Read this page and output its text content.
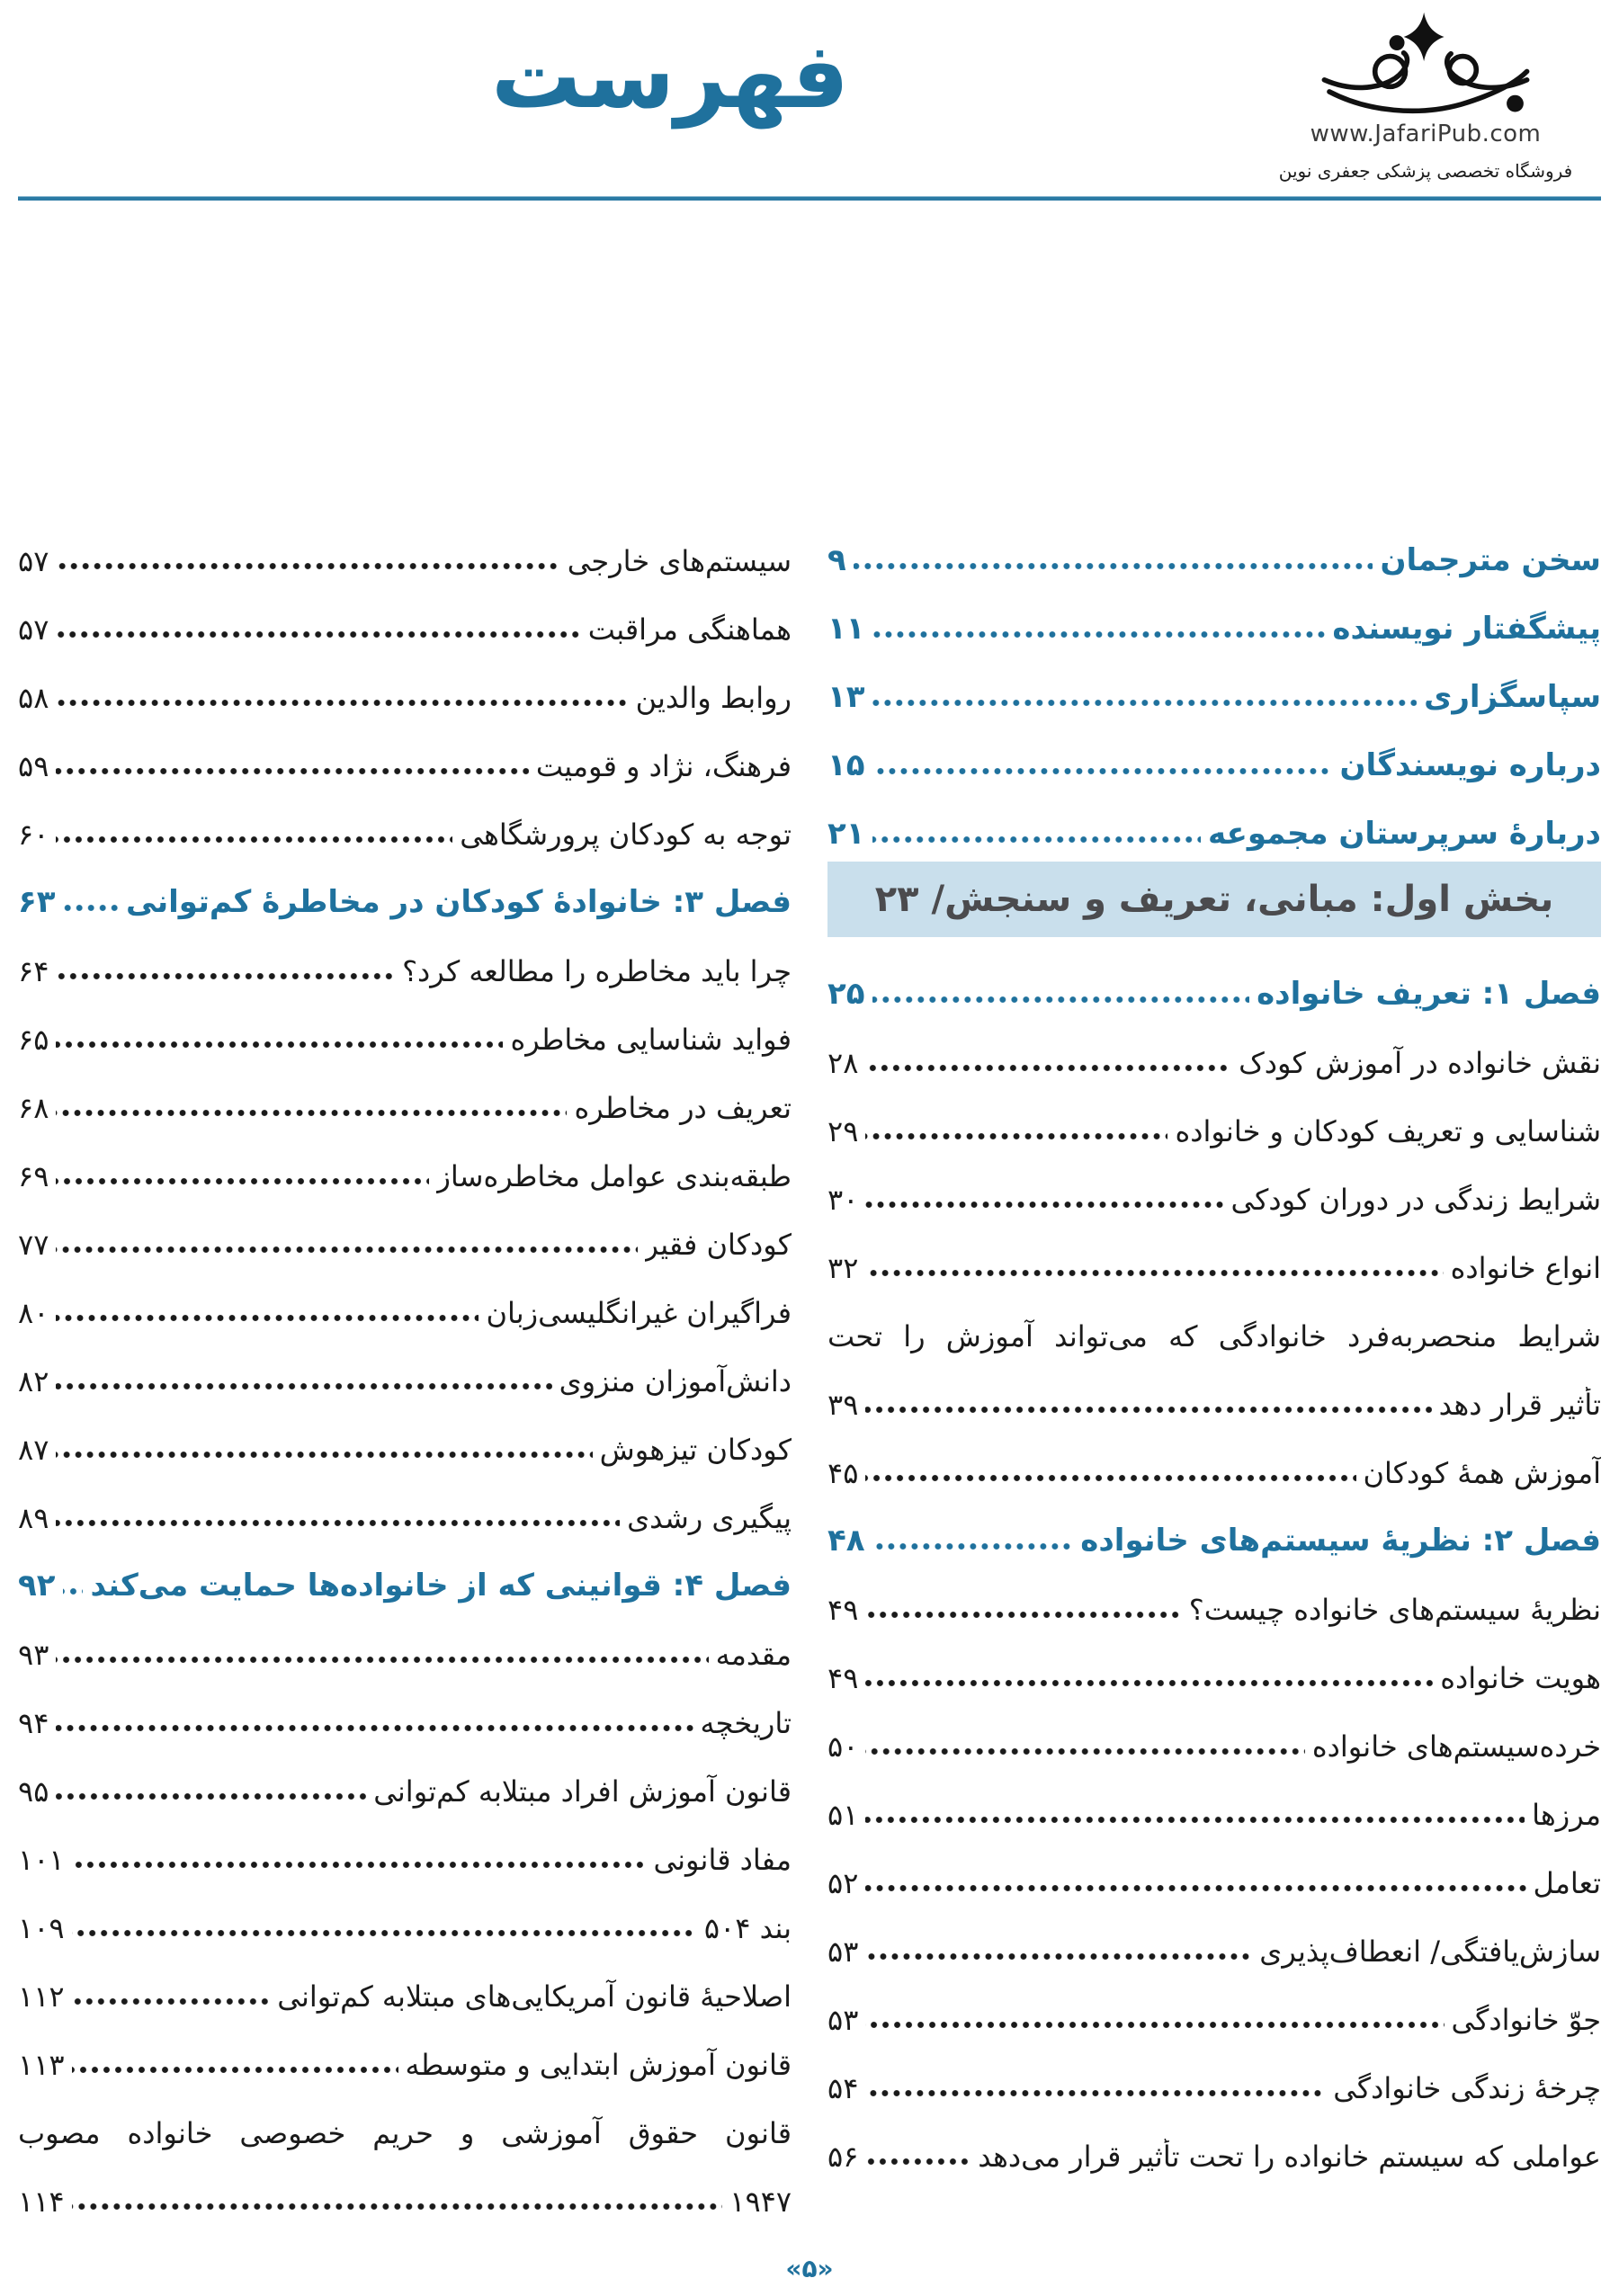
فهرست
www.JafariPub.com
فروشگاه تخصصی پزشکی جعفری نوین
سخن مترجمان
۹
پیشگفتار نویسنده
۱۱
سپاسگزاری
۱۳
درباره نویسندگان
۱۵
دربارۀ سرپرستان مجموعه
۲۱
بخش اول: مبانی، تعریف و سنجش/ ۲۳
فصل ۱: تعریف خانواده
۲۵
نقش خانواده در آموزش کودک
۲۸
شناسایی و تعریف کودکان و خانواده
۲۹
شرایط زندگی در دوران کودکی
۳۰
انواع خانواده
۳۲
شرایط منحصربه‌فرد خانوادگی که می‌تواند آموزش را تحت
تأثیر قرار دهد
۳۹
آموزش همۀ کودکان
۴۵
فصل ۲: نظریۀ سیستم‌های خانواده
۴۸
نظریۀ سیستم‌های خانواده چیست؟
۴۹
هویت خانواده
۴۹
خرده‌سیستم‌های خانواده
۵۰
مرزها
۵۱
تعامل
۵۲
سازش‌یافتگی/ انعطاف‌پذیری
۵۳
جوّ خانوادگی
۵۳
چرخۀ زندگی خانوادگی
۵۴
عواملی که سیستم خانواده را تحت تأثیر قرار می‌دهد
۵۶
سیستم‌های خارجی
۵۷
هماهنگی مراقبت
۵۷
روابط والدین
۵۸
فرهنگ، نژاد و قومیت
۵۹
توجه به کودکان پرورشگاهی
۶۰
فصل ۳: خانوادۀ کودکان در مخاطرۀ کم‌توانی
۶۳
چرا باید مخاطره را مطالعه کرد؟
۶۴
فواید شناسایی مخاطره
۶۵
تعریف در مخاطره
۶۸
طبقه‌بندی عوامل مخاطره‌ساز
۶۹
کودکان فقیر
۷۷
فراگیران غیرانگلیسی‌زبان
۸۰
دانش‌آموزان منزوی
۸۲
کودکان تیزهوش
۸۷
پیگیری رشدی
۸۹
فصل ۴: قوانینی که از خانواده‌ها حمایت می‌کند
۹۲
مقدمه
۹۳
تاریخچه
۹۴
قانون آموزش افراد مبتلابه کم‌توانی
۹۵
مفاد قانونی
۱۰۱
بند ۵۰۴
۱۰۹
اصلاحیۀ قانون آمریکایی‌های مبتلابه کم‌توانی
۱۱۲
قانون آموزش ابتدایی و متوسطه
۱۱۳
قانون حقوق آموزشی و حریم خصوصی خانواده مصوب
۱۹۴۷
۱۱۴
«۵»
